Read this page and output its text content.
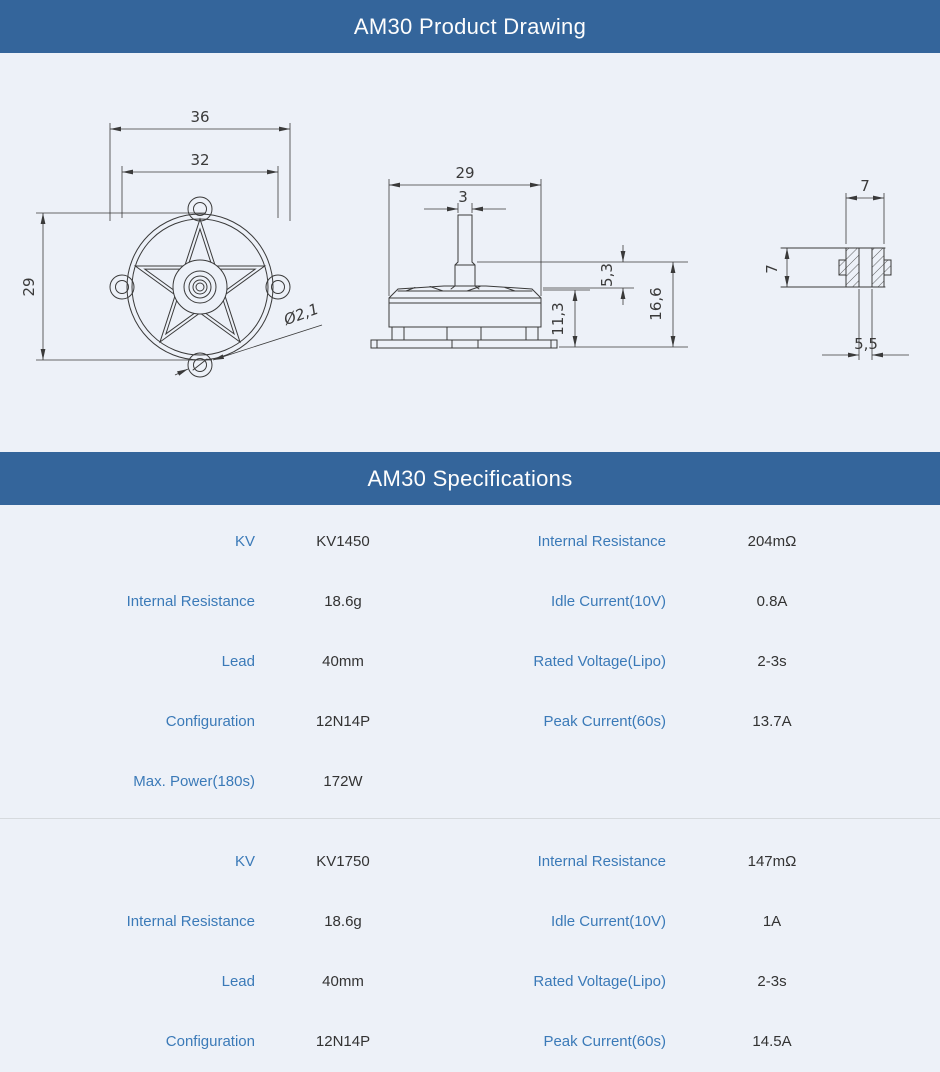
AM30 Product Drawing
36
32
29
Ø2,1
29
3
5,3
11,3	16,6
7
7
5,5
AM30 Specifications
KV	KV1450	Internal Resistance	204mΩ
Internal Resistance	18.6g	Idle Current(10V)	0.8A
Lead	40mm	Rated Voltage(Lipo)	2-3s
Configuration	12N14P	Peak Current(60s)	13.7A
Max. Power(180s)	172W
KV	KV1750	Internal Resistance	147mΩ
Internal Resistance	18.6g	Idle Current(10V)	1A
Lead	40mm	Rated Voltage(Lipo)	2-3s
Configuration	12N14P	Peak Current(60s)	14.5A
